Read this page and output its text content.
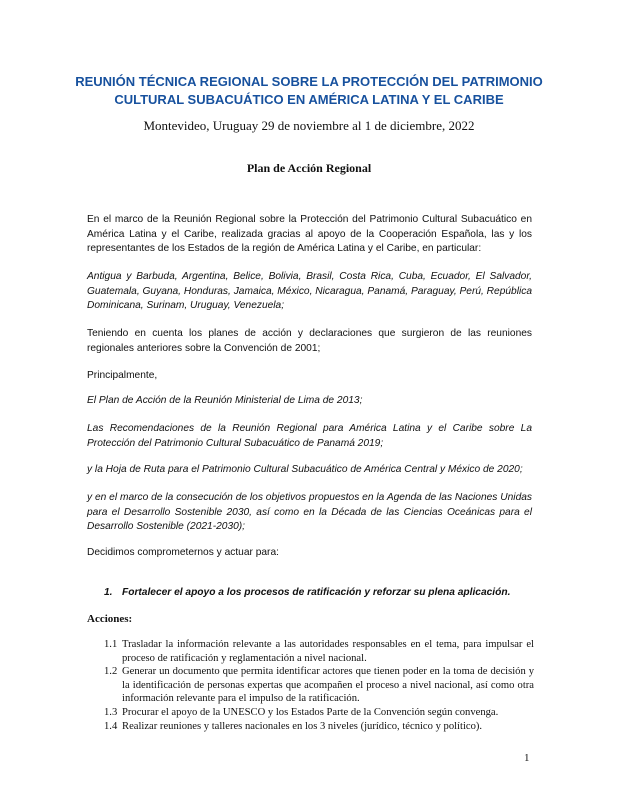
REUNIÓN TÉCNICA REGIONAL SOBRE LA PROTECCIÓN DEL PATRIMONIO
CULTURAL SUBACUÁTICO EN AMÉRICA LATINA Y EL CARIBE
Montevideo, Uruguay 29 de noviembre al 1 de diciembre, 2022
Plan de Acción Regional

En el marco de la Reunión Regional sobre la Protección del Patrimonio Cultural Subacuático en América Latina y el Caribe, realizada gracias al apoyo de la Cooperación Española, las y los representantes de los Estados de la región de América Latina y el Caribe, en particular:

Antigua y Barbuda, Argentina, Belice, Bolivia, Brasil, Costa Rica, Cuba, Ecuador, El Salvador, Guatemala, Guyana, Honduras, Jamaica, México, Nicaragua, Panamá, Paraguay, Perú, República Dominicana, Surinam, Uruguay, Venezuela;

Teniendo en cuenta los planes de acción y declaraciones que surgieron de las reuniones regionales anteriores sobre la Convención de 2001;

Principalmente,

El Plan de Acción de la Reunión Ministerial de Lima de 2013;

Las Recomendaciones de la Reunión Regional para América Latina y el Caribe sobre La Protección del Patrimonio Cultural Subacuático de Panamá 2019;

y la Hoja de Ruta para el Patrimonio Cultural Subacuático de América Central y México de 2020;

y en el marco de la consecución de los objetivos propuestos en la Agenda de las Naciones Unidas para el Desarrollo Sostenible 2030, así como en la Década de las Ciencias Oceánicas para el Desarrollo Sostenible (2021-2030);

Decidimos comprometernos y actuar para:

1. Fortalecer el apoyo a los procesos de ratificación y reforzar su plena aplicación.
Acciones:
1.1 Trasladar la información relevante a las autoridades responsables en el tema, para impulsar el proceso de ratificación y reglamentación a nivel nacional.
1.2 Generar un documento que permita identificar actores que tienen poder en la toma de decisión y la identificación de personas expertas que acompañen el proceso a nivel nacional, así como otra información relevante para el impulso de la ratificación.
1.3 Procurar el apoyo de la UNESCO y los Estados Parte de la Convención según convenga.
1.4 Realizar reuniones y talleres nacionales en los 3 niveles (jurídico, técnico y político).
1
